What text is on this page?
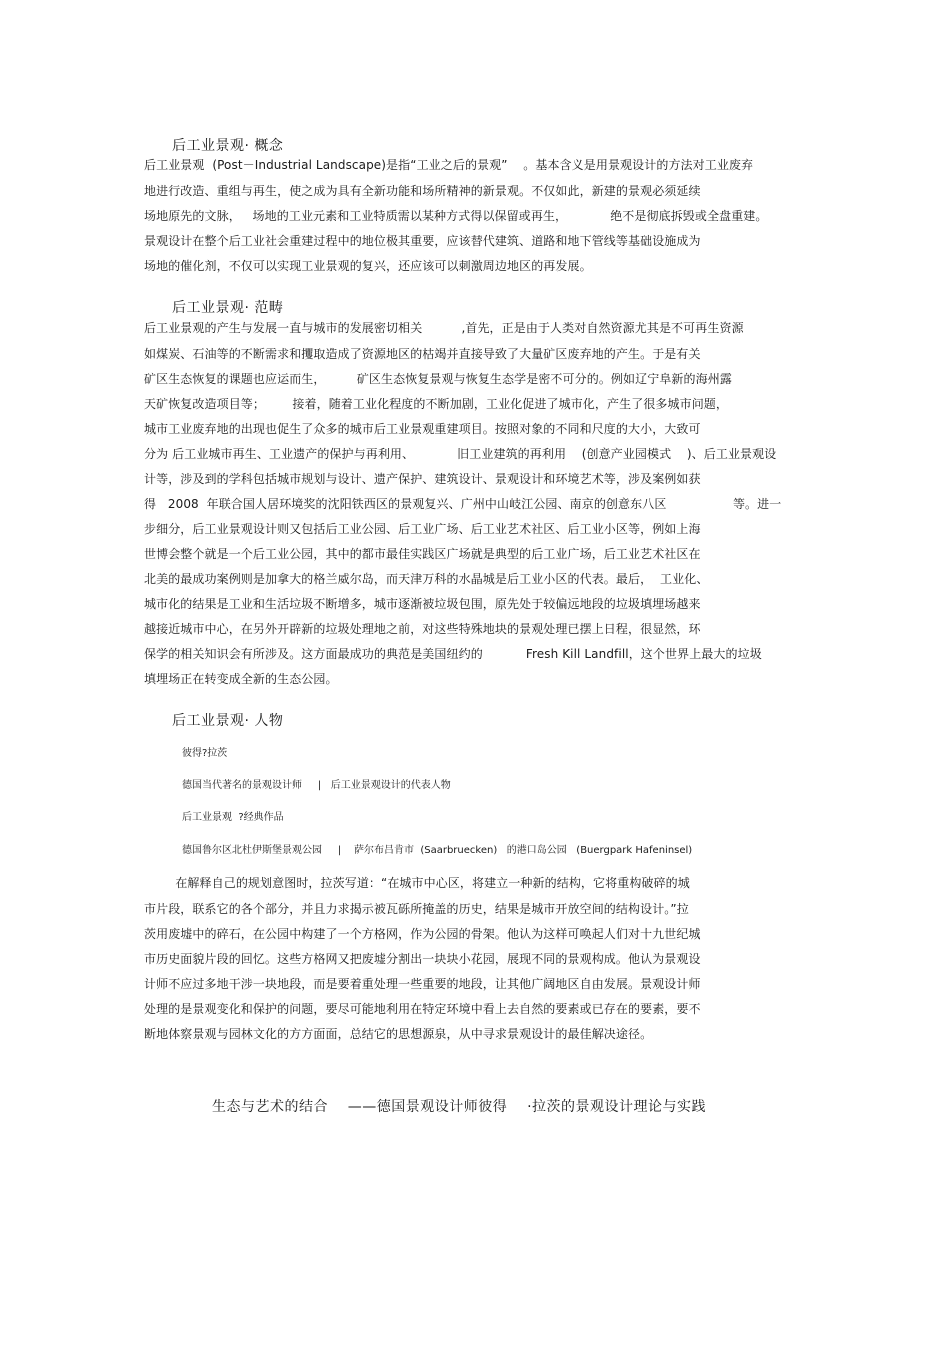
后工业景观· 概念
后工业景观  (Post－Industrial Landscape)是指“工业之后的景观”    。基本含义是用景观设计的方法对工业废弃
地进行改造、重组与再生，使之成为具有全新功能和场所精神的新景观。不仅如此，新建的景观必须延续
场地原先的文脉，   场地的工业元素和工业特质需以某种方式得以保留或再生，           绝不是彻底拆毁或全盘重建。
景观设计在整个后工业社会重建过程中的地位极其重要，应该替代建筑、道路和地下管线等基础设施成为
场地的催化剂，不仅可以实现工业景观的复兴，还应该可以刺激周边地区的再发展。
后工业景观· 范畴
后工业景观的产生与发展一直与城市的发展密切相关          ,首先，正是由于人类对自然资源尤其是不可再生资源
如煤炭、石油等的不断需求和攫取造成了资源地区的枯竭并直接导致了大量矿区废弃地的产生。于是有关
矿区生态恢复的课题也应运而生，        矿区生态恢复景观与恢复生态学是密不可分的。例如辽宁阜新的海州露
天矿恢复改造项目等；       接着，随着工业化程度的不断加剧，工业化促进了城市化，产生了很多城市问题，
城市工业废弃地的出现也促生了众多的城市后工业景观重建项目。按照对象的不同和尺度的大小，大致可
分为 后工业城市再生、工业遗产的保护与再利用、           旧工业建筑的再利用    (创意产业园模式    )、后工业景观设
计等，涉及到的学科包括城市规划与设计、遗产保护、建筑设计、景观设计和环境艺术等，涉及案例如获
得   2008  年联合国人居环境奖的沈阳铁西区的景观复兴、广州中山岐江公园、南京的创意东八区                 等。进一
步细分，后工业景观设计则又包括后工业公园、后工业广场、后工业艺术社区、后工业小区等，例如上海
世博会整个就是一个后工业公园，其中的都市最佳实践区广场就是典型的后工业广场，后工业艺术社区在
北美的最成功案例则是加拿大的格兰威尔岛，而天津万科的水晶城是后工业小区的代表。最后，  工业化、
城市化的结果是工业和生活垃圾不断增多，城市逐渐被垃圾包围，原先处于较偏远地段的垃圾填埋场越来
越接近城市中心，在另外开辟新的垃圾处理地之前，对这些特殊地块的景观处理已摆上日程，很显然，环
保学的相关知识会有所涉及。这方面最成功的典范是美国纽约的           Fresh Kill Landfill，这个世界上最大的垃圾
填埋场正在转变成全新的生态公园。
后工业景观· 人物
彼得?拉茨
德国当代著名的景观设计师     |   后工业景观设计的代表人物
后工业景观  ?经典作品
德国鲁尔区北杜伊斯堡景观公园     |    萨尔布吕肯市  (Saarbruecken)   的港口岛公园   (Buergpark Hafeninsel)
在解释自己的规划意图时，拉茨写道：“在城市中心区，将建立一种新的结构，它将重构破碎的城
市片段，联系它的各个部分，并且力求揭示被瓦砾所掩盖的历史，结果是城市开放空间的结构设计。”拉
茨用废墟中的碎石，在公园中构建了一个方格网，作为公园的骨架。他认为这样可唤起人们对十九世纪城
市历史面貌片段的回忆。这些方格网又把废墟分割出一块块小花园，展现不同的景观构成。他认为景观设
计师不应过多地干涉一块地段，而是要着重处理一些重要的地段，让其他广阔地区自由发展。景观设计师
处理的是景观变化和保护的问题，要尽可能地利用在特定环境中看上去自然的要素或已存在的要素，要不
断地体察景观与园林文化的方方面面，总结它的思想源泉，从中寻求景观设计的最佳解决途径。
生态与艺术的结合    ——德国景观设计师彼得    ·拉茨的景观设计理论与实践
